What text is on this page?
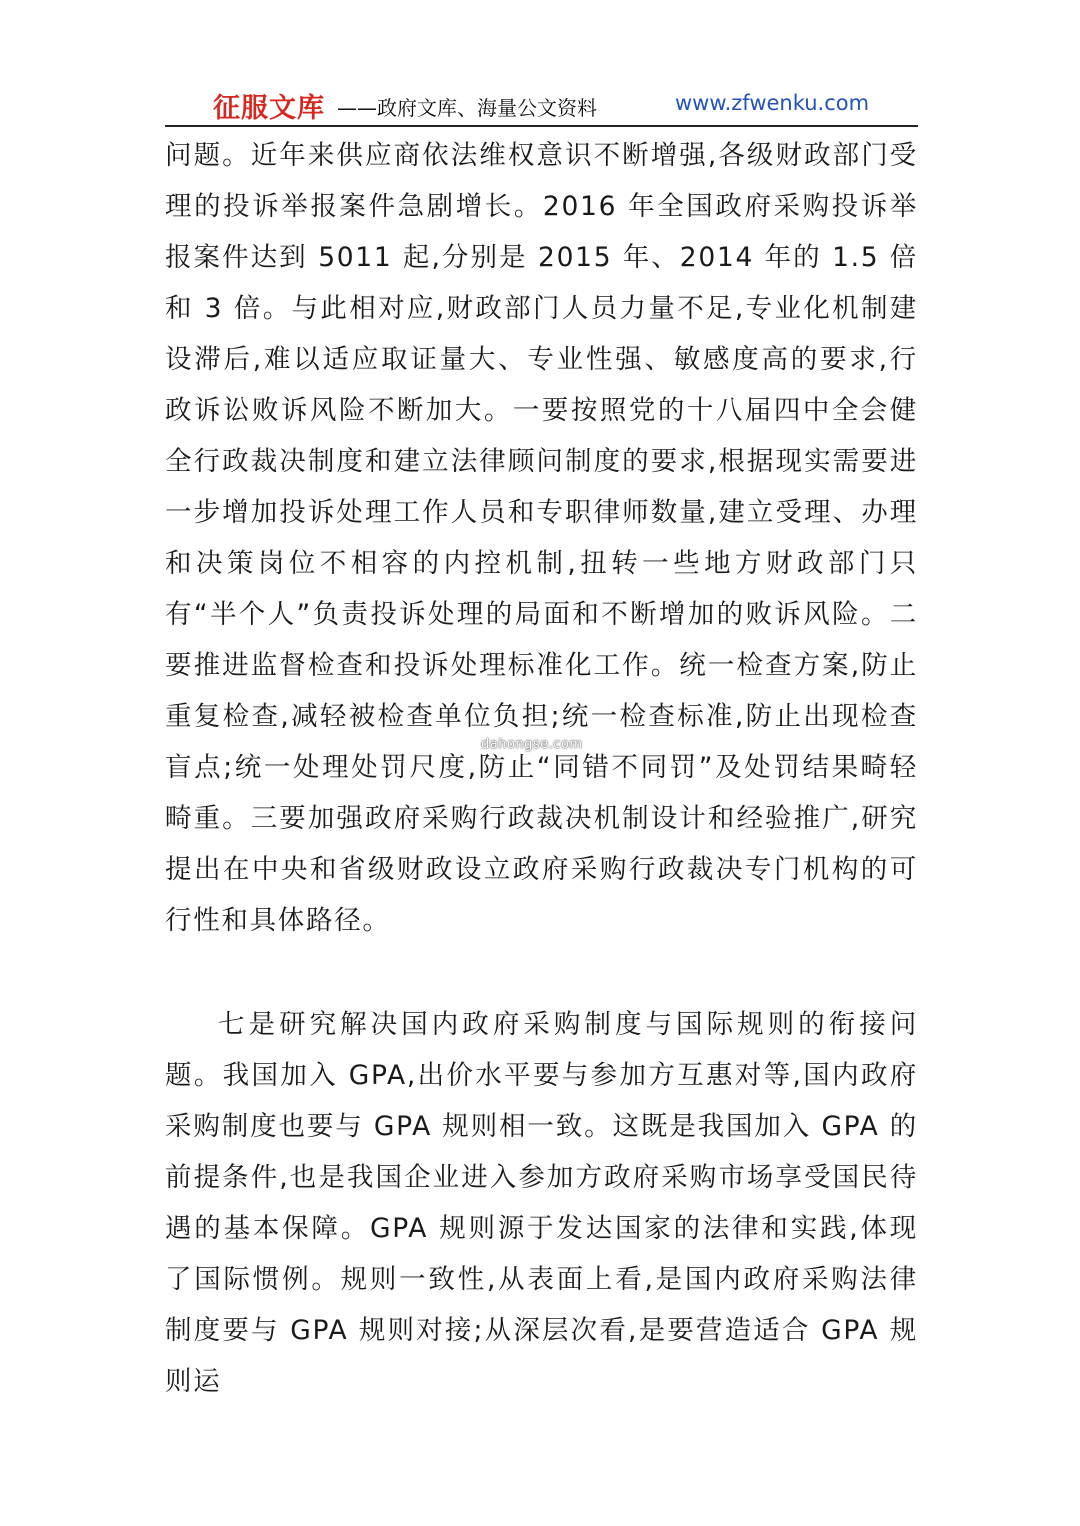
征服文库 ——政府文库、海量公文资料	www.zfwenku.com

问题。近年来供应商依法维权意识不断增强,各级财政部门受理的投诉举报案件急剧增长。2016 年全国政府采购投诉举报案件达到 5011 起,分别是 2015 年、2014 年的 1.5 倍和 3 倍。与此相对应,财政部门人员力量不足,专业化机制建设滞后,难以适应取证量大、专业性强、敏感度高的要求,行政诉讼败诉风险不断加大。一要按照党的十八届四中全会健全行政裁决制度和建立法律顾问制度的要求,根据现实需要进一步增加投诉处理工作人员和专职律师数量,建立受理、办理和决策岗位不相容的内控机制,扭转一些地方财政部门只有“半个人”负责投诉处理的局面和不断增加的败诉风险。二要推进监督检查和投诉处理标准化工作。统一检查方案,防止重复检查,减轻被检查单位负担;统一检查标准,防止出现检查盲点;统一处理处罚尺度,防止“同错不同罚”及处罚结果畸轻畸重。三要加强政府采购行政裁决机制设计和经验推广,研究提出在中央和省级财政设立政府采购行政裁决专门机构的可行性和具体路径。

七是研究解决国内政府采购制度与国际规则的衔接问题。我国加入 GPA,出价水平要与参加方互惠对等,国内政府采购制度也要与 GPA 规则相一致。这既是我国加入 GPA 的前提条件,也是我国企业进入参加方政府采购市场享受国民待遇的基本保障。GPA 规则源于发达国家的法律和实践,体现了国际惯例。规则一致性,从表面上看,是国内政府采购法律制度要与 GPA 规则对接;从深层次看,是要营造适合 GPA 规则运

dahongse.com
